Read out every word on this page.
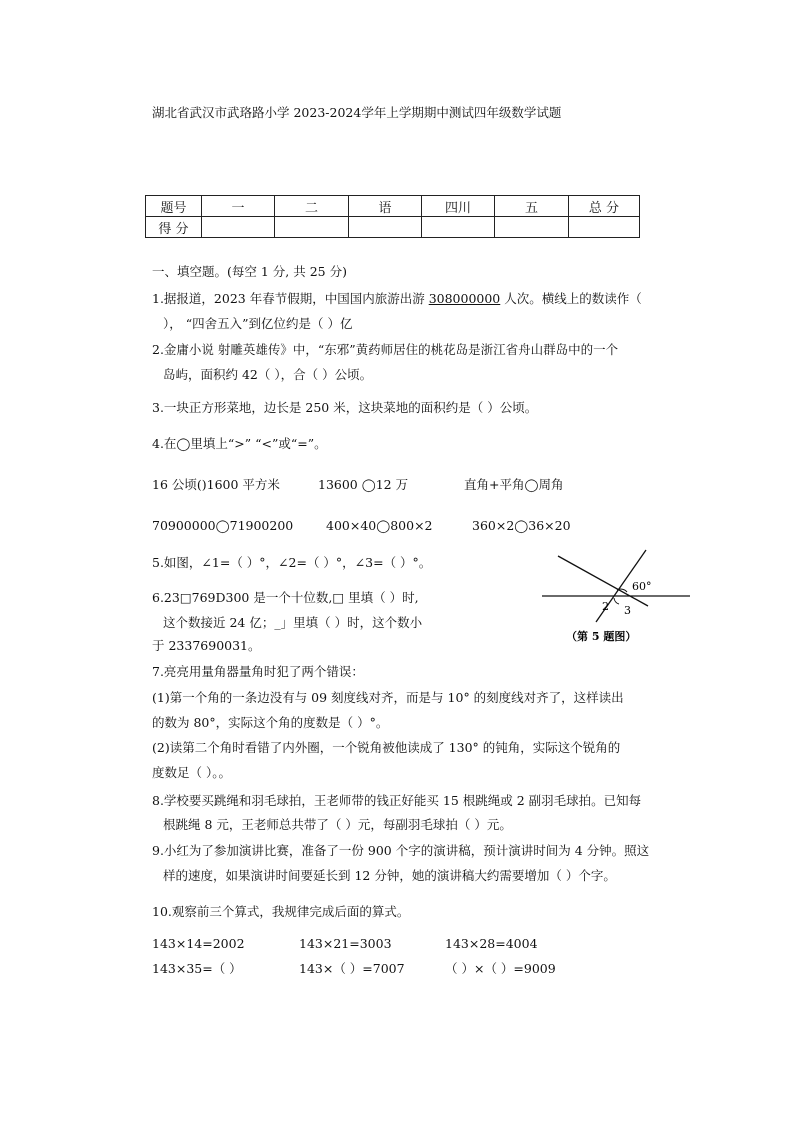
湖北省武汉市武珞路小学 2023-2024学年上学期期中测试四年级数学试题
题号	一	二	语	四川	五	总 分
得 分						
一、填空题。(每空 1 分, 共 25 分)
1.据报道，2023 年春节假期，中国国内旅游出游 308000000 人次。横线上的数读作（
）， “四舍五入”到亿位约是（ ）亿
2.金庸小说 射雕英雄传》中，“东邪”黄药师居住的桃花岛是浙江省舟山群岛中的一个
岛屿，面积约 42（ ），合（ ）公顷。
3.一块正方形菜地，边长是 250 米，这块菜地的面积约是（ ）公顷。
4.在◯里填上“>” “<”或“=”。
16 公顷()1600 平方米	13600 ◯12 万	直角+平角◯周角
70900000◯71900200	400×40◯800×2	360×2◯36×20
5.如图，∠1=（ ）°，∠2=（ ）°，∠3=（ ）°。
60°
2 3
（第 5 题图）
6.23□769D300 是一个十位数,□ 里填（ ）时,
这个数接近 24 亿；_」里填（ ）时，这个数小
于 2337690031。
7.亮亮用量角器量角时犯了两个错误：
(1)第一个角的一条边没有与 09 刻度线对齐，而是与 10° 的刻度线对齐了，这样读出
的数为 80°，实际这个角的度数是（ ）°。
(2)读第二个角时看错了内外圈，一个锐角被他读成了 130° 的钝角，实际这个锐角的
度数足（ ）。。
8.学校要买跳绳和羽毛球拍，王老师带的钱正好能买 15 根跳绳或 2 副羽毛球拍。已知每
根跳绳 8 元，王老师总共带了（ ）元，每副羽毛球拍（ ）元。
9.小红为了参加演讲比赛，准备了一份 900 个字的演讲稿，预计演讲时间为 4 分钟。照这
样的速度，如果演讲时间要延长到 12 分钟，她的演讲稿大约需要增加（ ）个字。
10.观察前三个算式，我规律完成后面的算式。
143×14=2002	143×21=3003	143×28=4004
143×35=（ ）	143×（ ）=7007	（ ）×（ ）=9009
